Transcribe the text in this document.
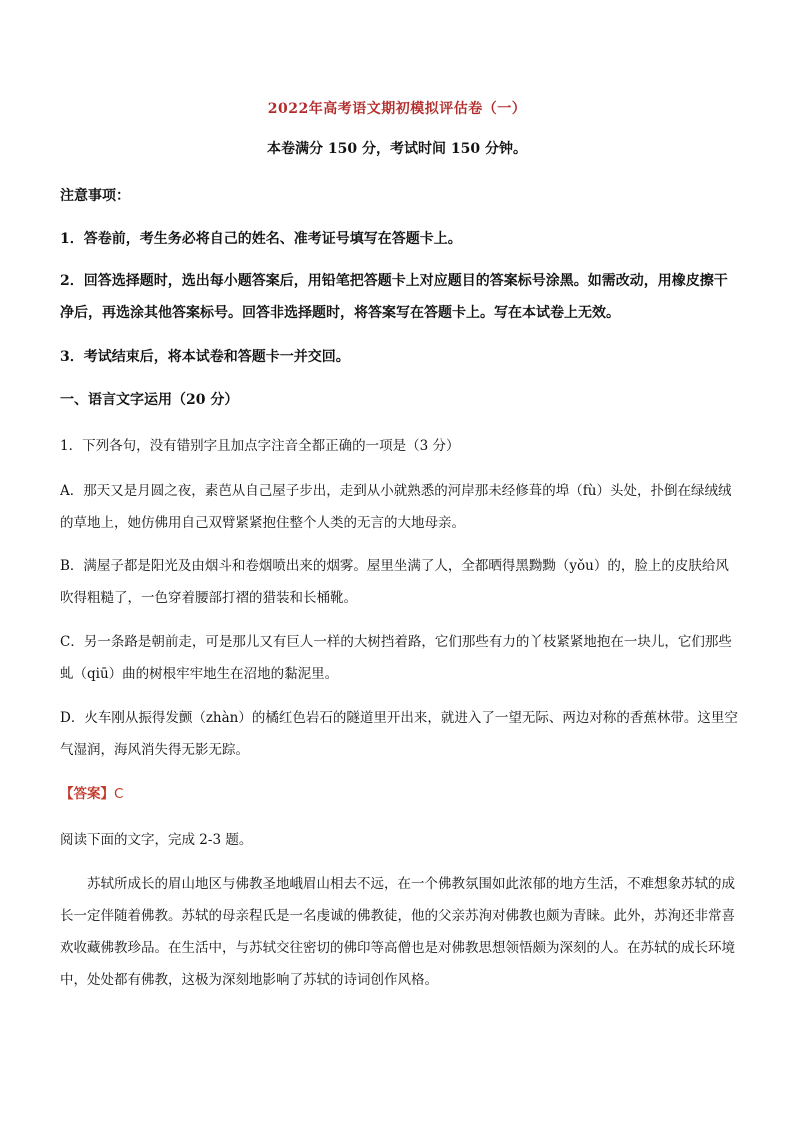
2022年高考语文期初模拟评估卷（一）
本卷满分 150 分，考试时间 150 分钟。
注意事项：
1．答卷前，考生务必将自己的姓名、准考证号填写在答题卡上。
2．回答选择题时，选出每小题答案后，用铅笔把答题卡上对应题目的答案标号涂黑。如需改动，用橡皮擦干净后，再选涂其他答案标号。回答非选择题时，将答案写在答题卡上。写在本试卷上无效。
3．考试结束后，将本试卷和答题卡一并交回。
一、语言文字运用（20 分）
1．下列各句，没有错别字且加点字注音全都正确的一项是（3 分）
A．那天又是月圆之夜，素芭从自己屋子步出，走到从小就熟悉的河岸那未经修葺的埠（fù）头处，扑倒在绿绒绒的草地上，她仿佛用自己双臂紧紧抱住整个人类的无言的大地母亲。
B．满屋子都是阳光及由烟斗和卷烟喷出来的烟雾。屋里坐满了人，全都晒得黑黝黝（yǒu）的，脸上的皮肤给风吹得粗糙了，一色穿着腰部打褶的猎装和长桶靴。
C．另一条路是朝前走，可是那儿又有巨人一样的大树挡着路，它们那些有力的丫枝紧紧地抱在一块儿，它们那些虬（qiū）曲的树根牢牢地生在沼地的黏泥里。
D．火车刚从振得发颤（zhàn）的橘红色岩石的隧道里开出来，就进入了一望无际、两边对称的香蕉林带。这里空气湿润，海风消失得无影无踪。
【答案】C
阅读下面的文字，完成 2-3 题。
苏轼所成长的眉山地区与佛教圣地峨眉山相去不远，在一个佛教氛围如此浓郁的地方生活，不难想象苏轼的成长一定伴随着佛教。苏轼的母亲程氏是一名虔诚的佛教徒，他的父亲苏洵对佛教也颇为青睐。此外，苏洵还非常喜欢收藏佛教珍品。在生活中，与苏轼交往密切的佛印等高僧也是对佛教思想领悟颇为深刻的人。在苏轼的成长环境中，处处都有佛教，这极为深刻地影响了苏轼的诗词创作风格。
